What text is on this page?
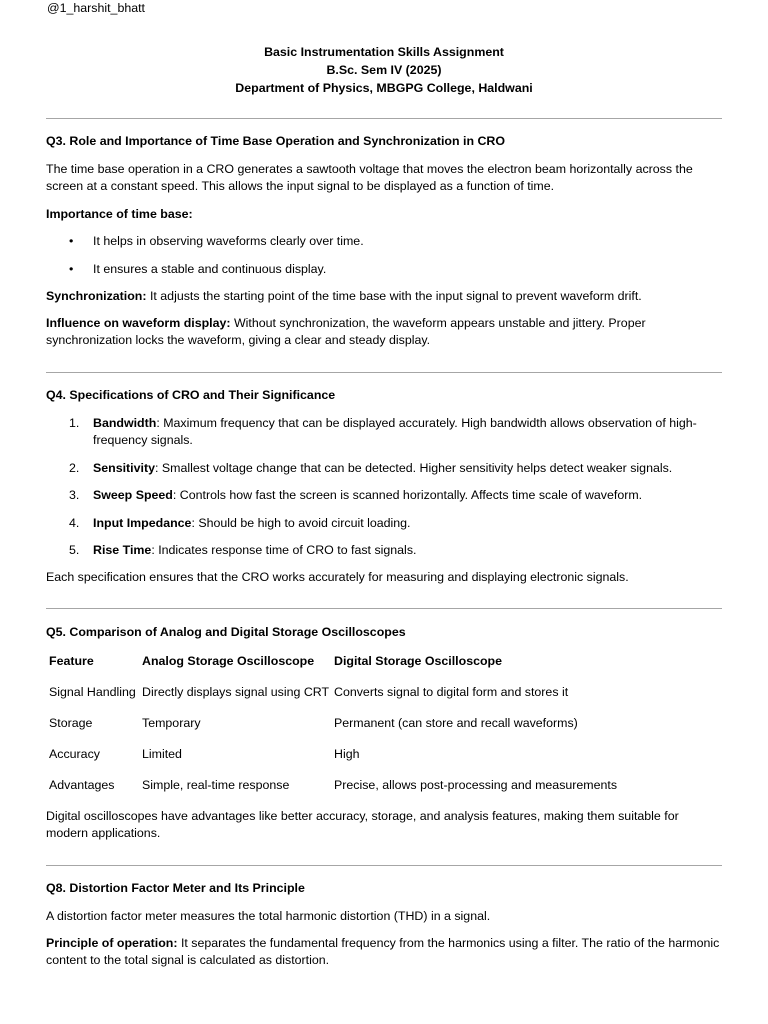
@1_harshit_bhatt
Basic Instrumentation Skills Assignment
B.Sc. Sem IV (2025)
Department of Physics, MBGPG College, Haldwani
Q3. Role and Importance of Time Base Operation and Synchronization in CRO
The time base operation in a CRO generates a sawtooth voltage that moves the electron beam horizontally across the screen at a constant speed. This allows the input signal to be displayed as a function of time.
Importance of time base:
• It helps in observing waveforms clearly over time.
• It ensures a stable and continuous display.
Synchronization: It adjusts the starting point of the time base with the input signal to prevent waveform drift.
Influence on waveform display: Without synchronization, the waveform appears unstable and jittery. Proper synchronization locks the waveform, giving a clear and steady display.
Q4. Specifications of CRO and Their Significance
1. Bandwidth: Maximum frequency that can be displayed accurately. High bandwidth allows observation of high-frequency signals.
2. Sensitivity: Smallest voltage change that can be detected. Higher sensitivity helps detect weaker signals.
3. Sweep Speed: Controls how fast the screen is scanned horizontally. Affects time scale of waveform.
4. Input Impedance: Should be high to avoid circuit loading.
5. Rise Time: Indicates response time of CRO to fast signals.
Each specification ensures that the CRO works accurately for measuring and displaying electronic signals.
Q5. Comparison of Analog and Digital Storage Oscilloscopes
Feature	Analog Storage Oscilloscope	Digital Storage Oscilloscope
Signal Handling	Directly displays signal using CRT	Converts signal to digital form and stores it
Storage	Temporary	Permanent (can store and recall waveforms)
Accuracy	Limited	High
Advantages	Simple, real-time response	Precise, allows post-processing and measurements
Digital oscilloscopes have advantages like better accuracy, storage, and analysis features, making them suitable for modern applications.
Q8. Distortion Factor Meter and Its Principle
A distortion factor meter measures the total harmonic distortion (THD) in a signal.
Principle of operation: It separates the fundamental frequency from the harmonics using a filter. The ratio of the harmonic content to the total signal is calculated as distortion.
